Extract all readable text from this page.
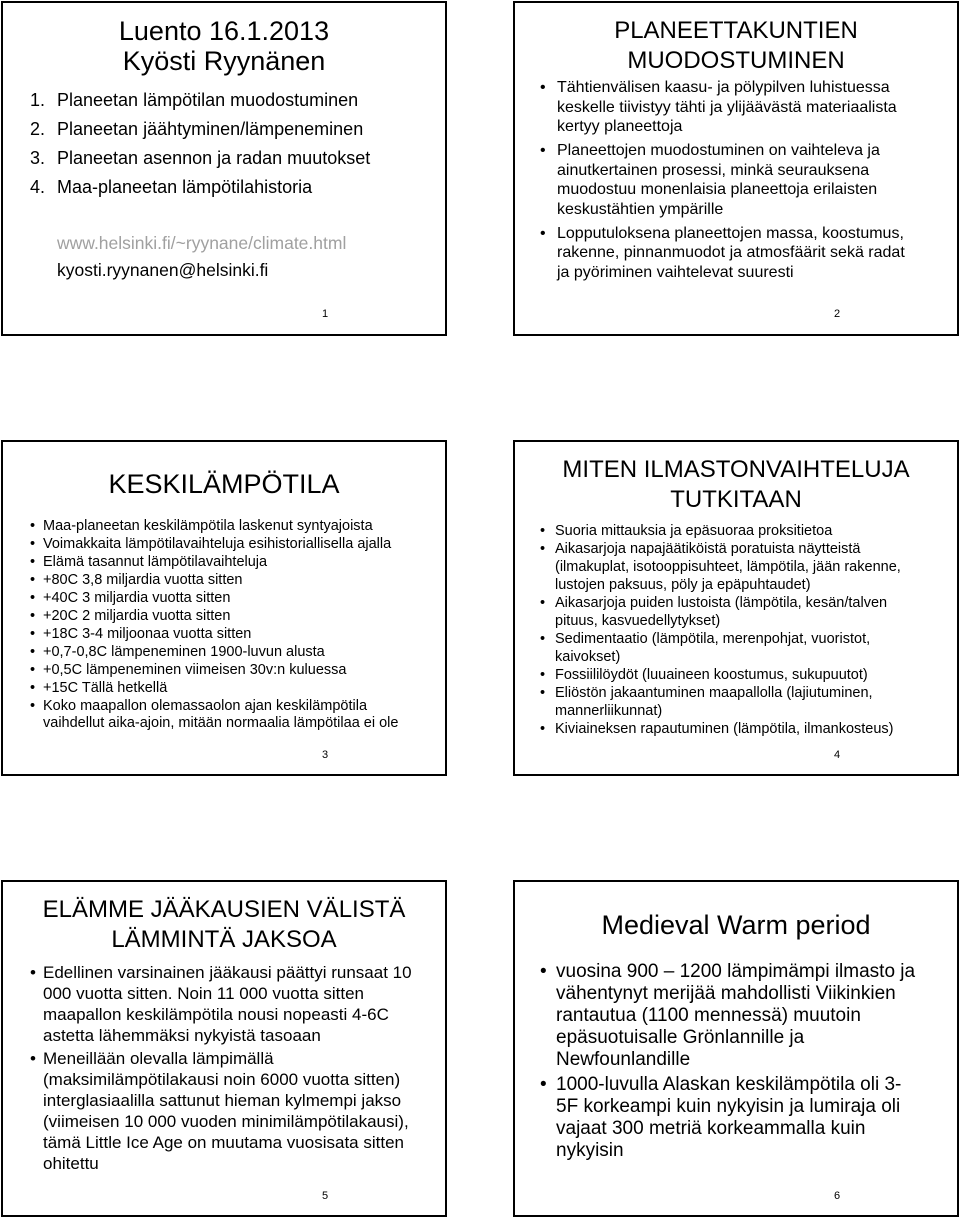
Luento 16.1.2013
Kyösti Ryynänen
1. Planeetan lämpötilan muodostuminen
2. Planeetan jäähtyminen/lämpeneminen
3. Planeetan asennon ja radan muutokset
4. Maa-planeetan lämpötilahistoria
www.helsinki.fi/~ryynane/climate.html
kyosti.ryynanen@helsinki.fi
1
PLANEETTAKUNTIEN
MUODOSTUMINEN
• Tähtienvälisen kaasu- ja pölypilven luhistuessa
keskelle tiivistyy tähti ja ylijäävästä materiaalista
kertyy planeettoja
• Planeettojen muodostuminen on vaihteleva ja
ainutkertainen prosessi, minkä seurauksena
muodostuu monenlaisia planeettoja erilaisten
keskustähtien ympärille
• Lopputuloksena planeettojen massa, koostumus,
rakenne, pinnanmuodot ja atmosfäärit sekä radat
ja pyöriminen vaihtelevat suuresti
2
KESKILÄMPÖTILA
• Maa-planeetan keskilämpötila laskenut syntyajoista
• Voimakkaita lämpötilavaihteluja esihistoriallisella ajalla
• Elämä tasannut lämpötilavaihteluja
• +80C 3,8 miljardia vuotta sitten
• +40C 3 miljardia vuotta sitten
• +20C 2 miljardia vuotta sitten
• +18C 3-4 miljoonaa vuotta sitten
• +0,7-0,8C lämpeneminen 1900-luvun alusta
• +0,5C lämpeneminen viimeisen 30v:n kuluessa
• +15C Tällä hetkellä
• Koko maapallon olemassaolon ajan keskilämpötila
vaihdellut aika-ajoin, mitään normaalia lämpötilaa ei ole
3
MITEN ILMASTONVAIHTELUJA
TUTKITAAN
• Suoria mittauksia ja epäsuoraa proksitietoa
• Aikasarjoja napajäätiköistä poratuista näytteistä
(ilmakuplat, isotooppisuhteet, lämpötila, jään rakenne,
lustojen paksuus, pöly ja epäpuhtaudet)
• Aikasarjoja puiden lustoista (lämpötila, kesän/talven
pituus, kasvuedellytykset)
• Sedimentaatio (lämpötila, merenpohjat, vuoristot,
kaivokset)
• Fossiililöydöt (luuaineen koostumus, sukupuutot)
• Eliöstön jakaantuminen maapallolla (lajiutuminen,
mannerliikunnat)
• Kiviaineksen rapautuminen (lämpötila, ilmankosteus)
4
ELÄMME JÄÄKAUSIEN VÄLISTÄ
LÄMMINTÄ JAKSOA
• Edellinen varsinainen jääkausi päättyi runsaat 10
000 vuotta sitten. Noin 11 000 vuotta sitten
maapallon keskilämpötila nousi nopeasti 4-6C
astetta lähemmäksi nykyistä tasoaan
• Meneillään olevalla lämpimällä
(maksimilämpötilakausi noin 6000 vuotta sitten)
interglasiaalilla sattunut hieman kylmempi jakso
(viimeisen 10 000 vuoden minimilämpötilakausi),
tämä Little Ice Age on muutama vuosisata sitten
ohitettu
5
Medieval Warm period
• vuosina 900 – 1200 lämpimämpi ilmasto ja
vähentynyt merijää mahdollisti Viikinkien
rantautua (1100 mennessä) muutoin
epäsuotuisalle Grönlannille ja
Newfounlandille
• 1000-luvulla Alaskan keskilämpötila oli 3-
5F korkeampi kuin nykyisin ja lumiraja oli
vajaat 300 metriä korkeammalla kuin
nykyisin
6
